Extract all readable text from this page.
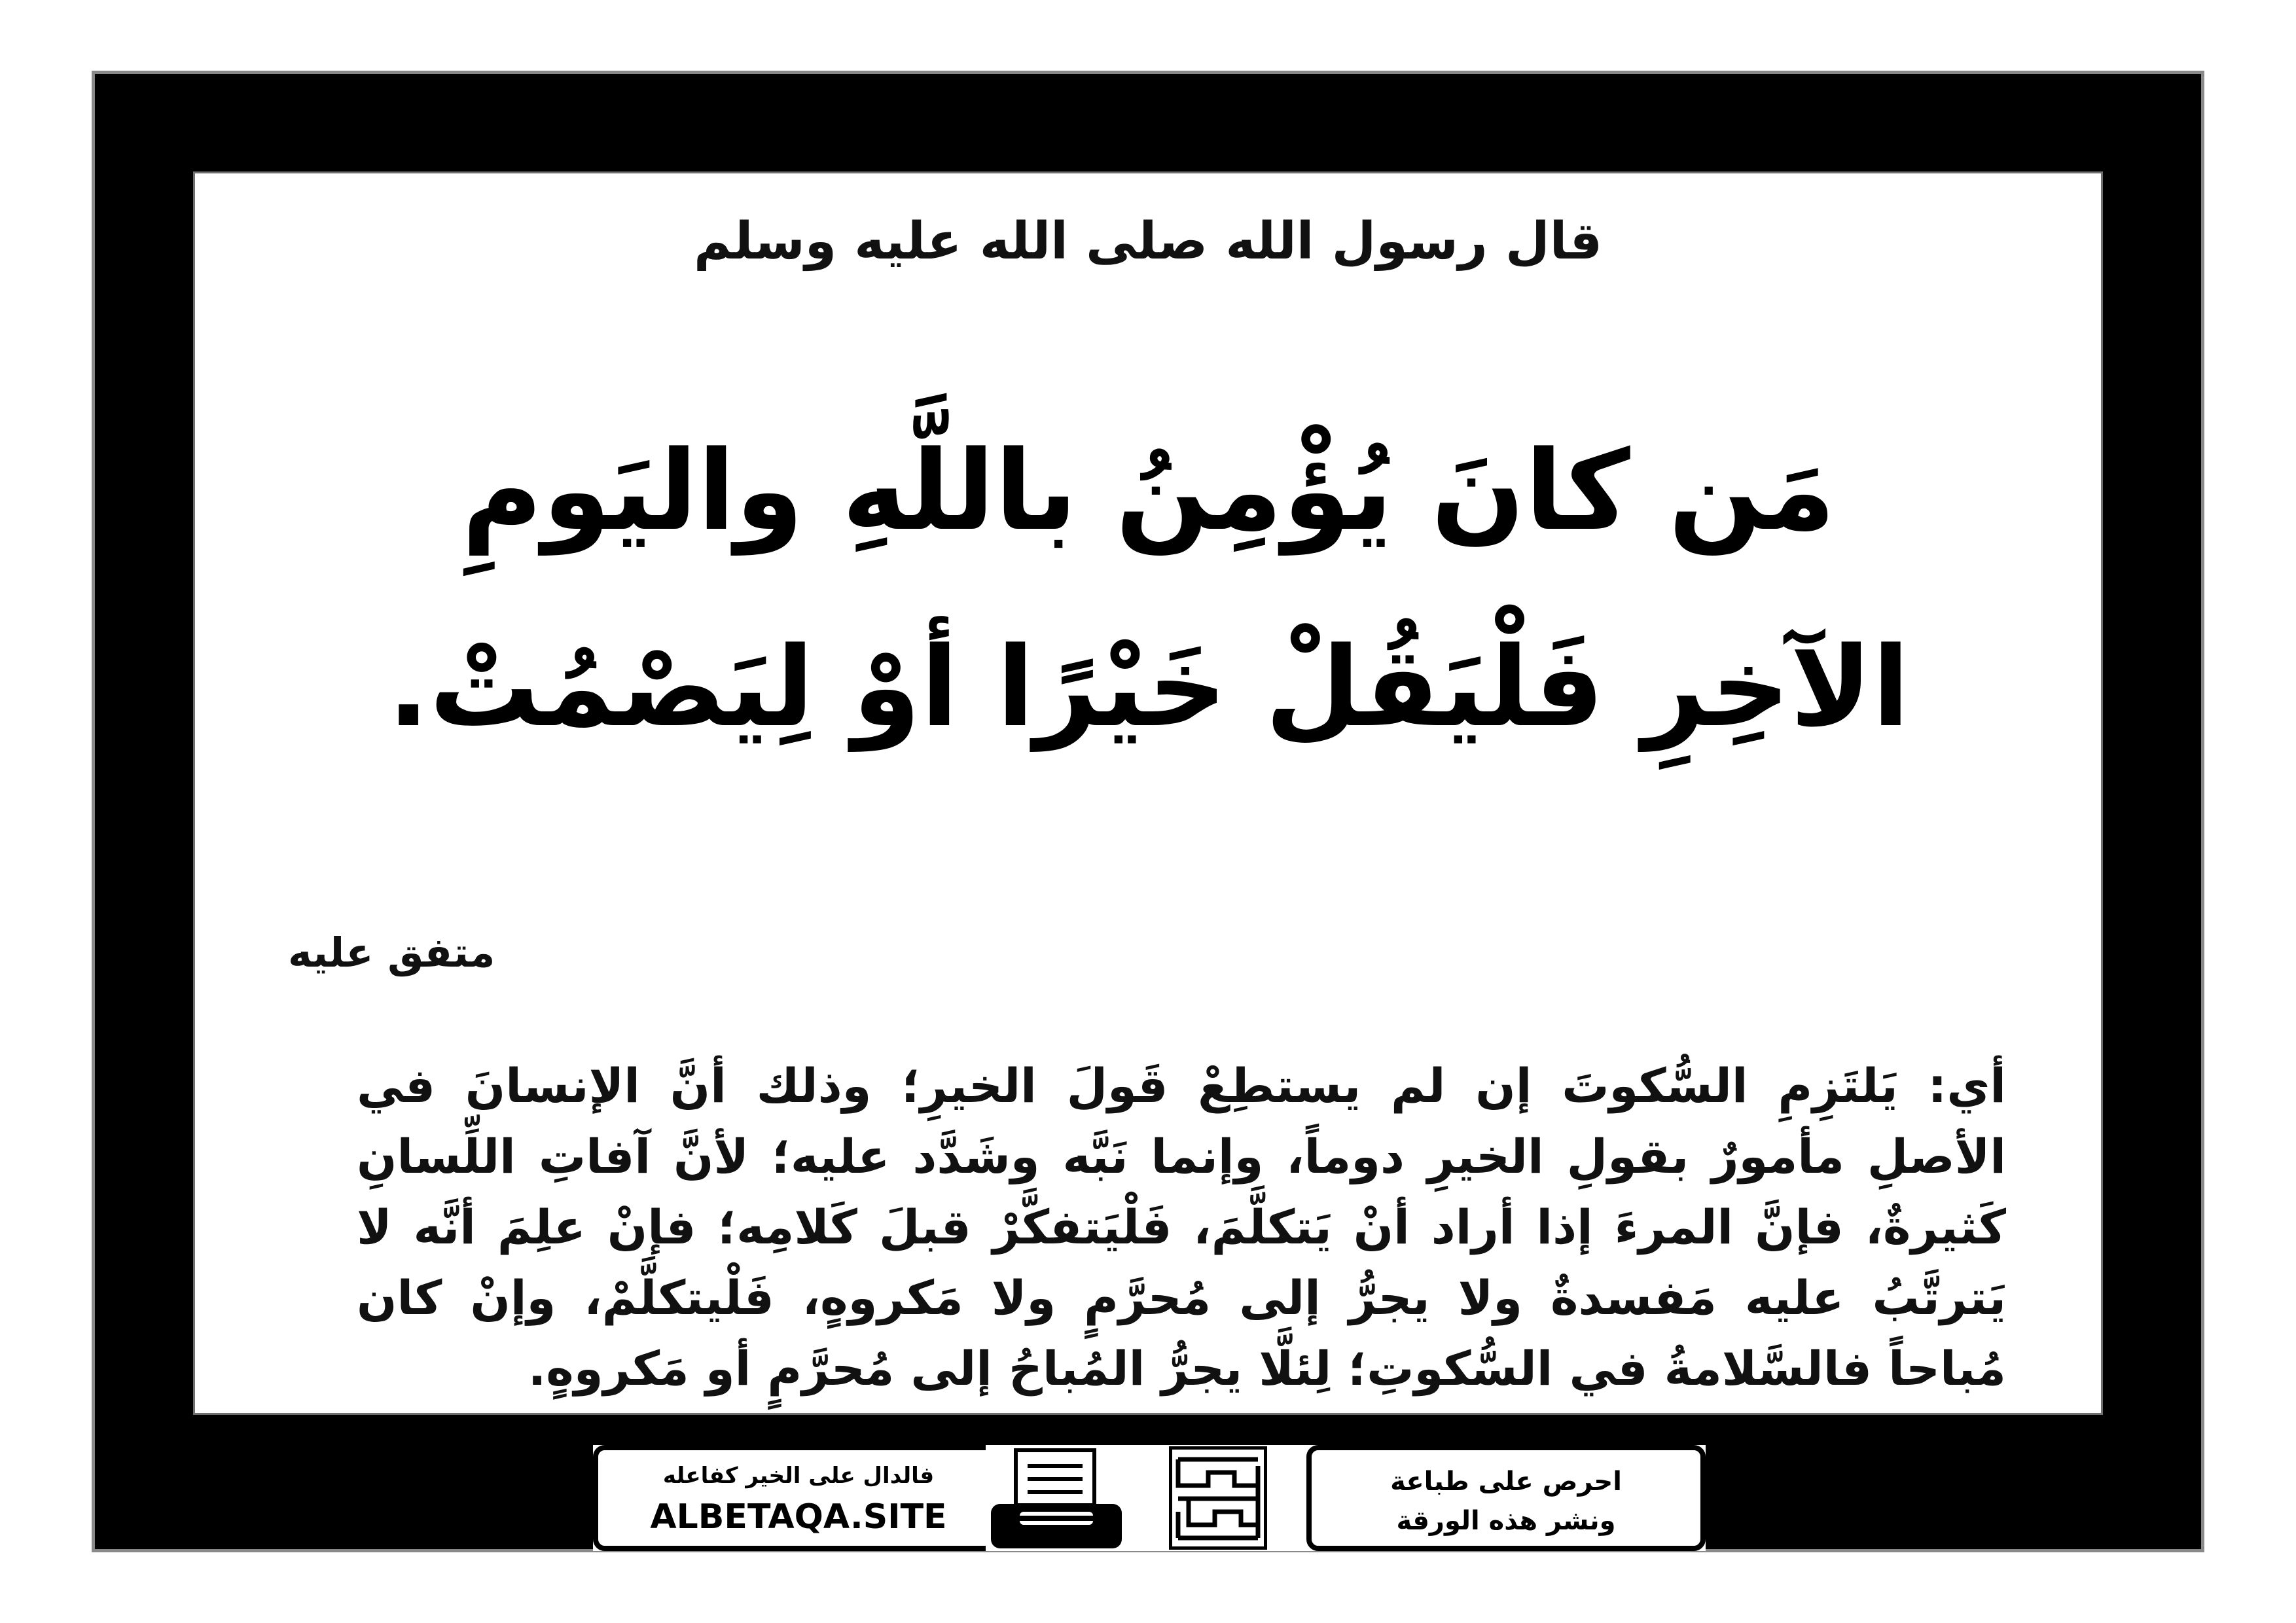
قال رسول الله صلى الله عليه وسلم
مَن كانَ يُؤْمِنُ باللَّهِ واليَومِ
الآخِرِ فَلْيَقُلْ خَيْرًا أوْ لِيَصْمُتْ.
متفق عليه
أي: يَلتَزِمِ السُّكوتَ إن لم يستطِعْ قَولَ الخيرِ؛ وذلك أنَّ الإنسانَ في الأصلِ مأمورٌ بقولِ الخيرِ دوماً، وإنما نَبَّه وشَدَّد عليه؛ لأنَّ آفاتِ اللِّسانِ كَثيرةٌ، فإنَّ المرءَ إذا أراد أنْ يَتكلَّمَ، فَلْيَتفكَّرْ قبلَ كَلامِه؛ فإنْ علِمَ أنَّه لا يَترتَّبُ عليه مَفسدةٌ ولا يجرُّ إلى مُحرَّمٍ ولا مَكروهٍ، فَلْيتكلَّمْ، وإنْ كان مُباحاً فالسَّلامةُ في السُّكوتِ؛ لِئلَّا يجرُّ المُباحُ إلى مُحرَّمٍ أو مَكروهٍ.
فالدال على الخير كفاعله
ALBETAQA.SITE
احرص على طباعة
ونشر هذه الورقة
